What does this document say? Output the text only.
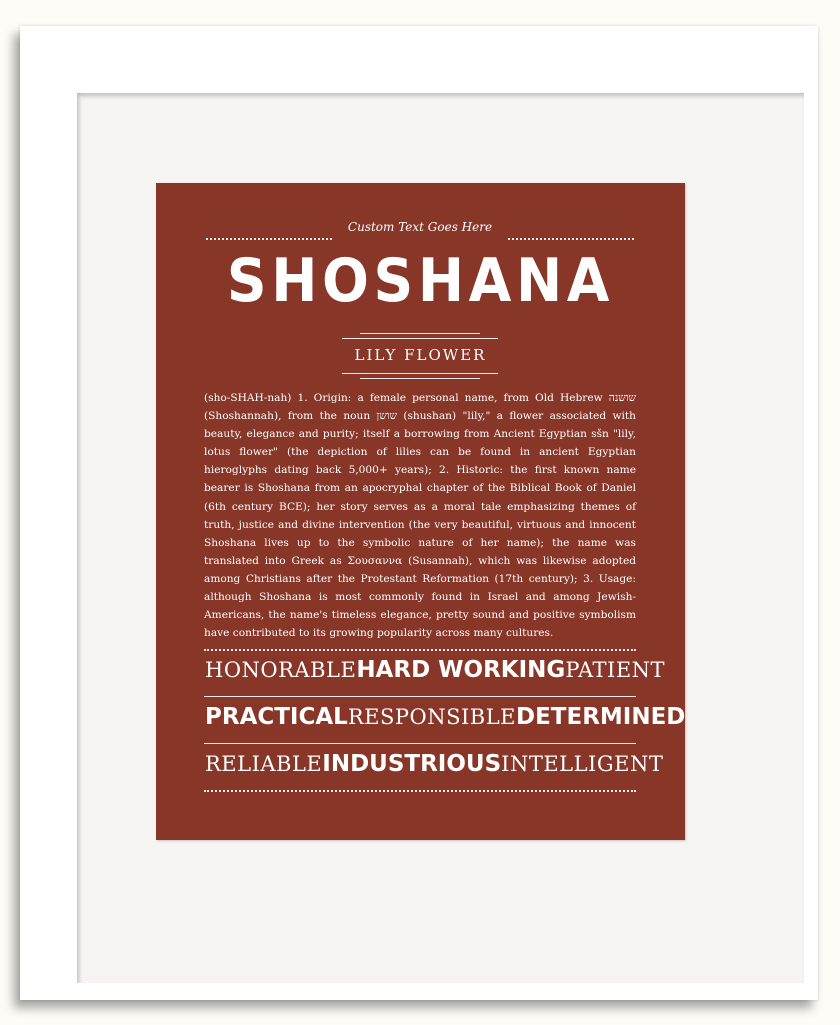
Custom Text Goes Here
SHOSHANA
LILY FLOWER
(sho-SHAH-nah) 1. Origin: a female personal name, from Old Hebrew שושנה (Shoshannah), from the noun שושן (shushan) "lily," a flower associated with beauty, elegance and purity; itself a borrowing from Ancient Egyptian sšn "lily, lotus flower" (the depiction of lilies can be found in ancient Egyptian hieroglyphs dating back 5,000+ years); 2. Historic: the first known name bearer is Shoshana from an apocryphal chapter of the Biblical Book of Daniel (6th century BCE); her story serves as a moral tale emphasizing themes of truth, justice and divine intervention (the very beautiful, virtuous and innocent Shoshana lives up to the symbolic nature of her name); the name was translated into Greek as Σουσαννα (Susannah), which was likewise adopted among Christians after the Protestant Reformation (17th century); 3. Usage: although Shoshana is most commonly found in Israel and among Jewish-Americans, the name's timeless elegance, pretty sound and positive symbolism have contributed to its growing popularity across many cultures.
HONORABLE HARD WORKING PATIENT
PRACTICAL RESPONSIBLE DETERMINED
RELIABLE INDUSTRIOUS INTELLIGENT
